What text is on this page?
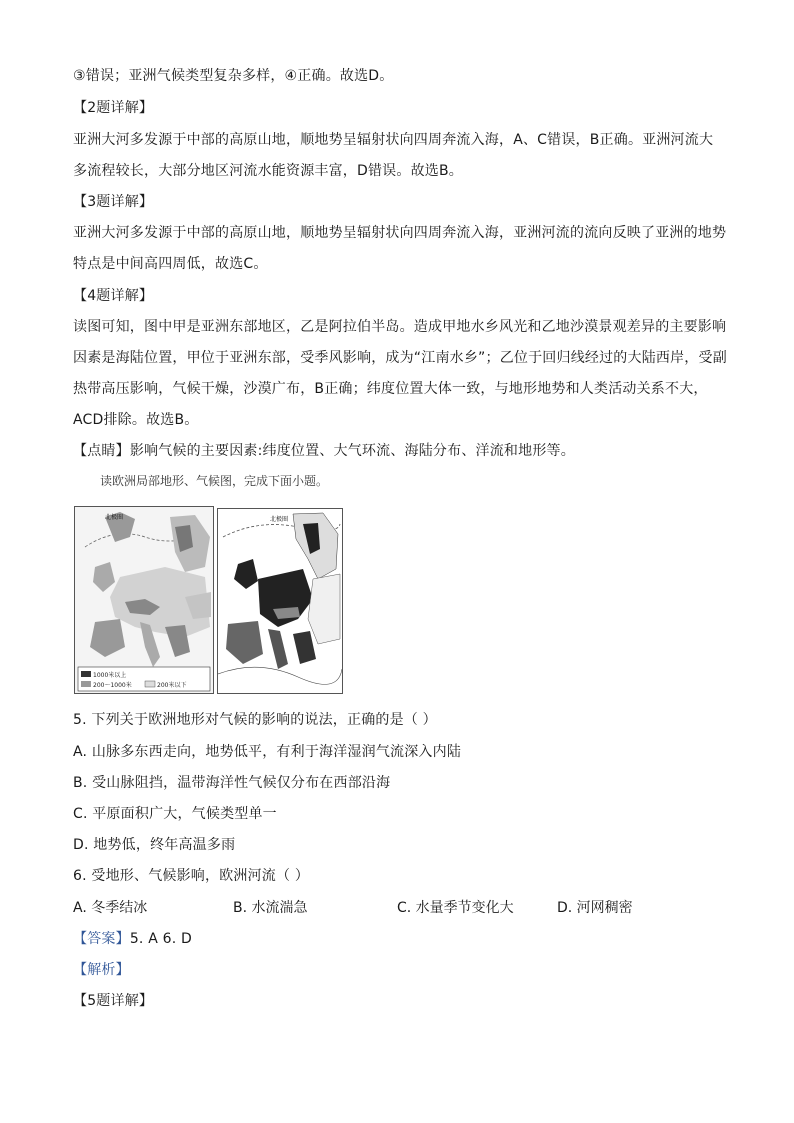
③错误；亚洲气候类型复杂多样，④正确。故选D。
【2题详解】
亚洲大河多发源于中部的高原山地，顺地势呈辐射状向四周奔流入海，A、C错误，B正确。亚洲河流大
多流程较长，大部分地区河流水能资源丰富，D错误。故选B。
【3题详解】
亚洲大河多发源于中部的高原山地，顺地势呈辐射状向四周奔流入海，亚洲河流的流向反映了亚洲的地势
特点是中间高四周低，故选C。
【4题详解】
读图可知，图中甲是亚洲东部地区，乙是阿拉伯半岛。造成甲地水乡风光和乙地沙漠景观差异的主要影响
因素是海陆位置，甲位于亚洲东部，受季风影响，成为“江南水乡”；乙位于回归线经过的大陆西岸，受副
热带高压影响，气候干燥，沙漠广布，B正确；纬度位置大体一致，与地形地势和人类活动关系不大，
ACD排除。故选B。
【点睛】影响气候的主要因素:纬度位置、大气环流、海陆分布、洋流和地形等。
读欧洲局部地形、气候图，完成下面小题。
1000米以上
200～1000米	200米以下
北极圈	北极圈
5. 下列关于欧洲地形对气候的影响的说法，正确的是（ ）
A. 山脉多东西走向，地势低平，有利于海洋湿润气流深入内陆
B. 受山脉阻挡，温带海洋性气候仅分布在西部沿海
C. 平原面积广大，气候类型单一
D. 地势低，终年高温多雨
6. 受地形、气候影响，欧洲河流（ ）
A. 冬季结冰	B. 水流湍急	C. 水量季节变化大	D. 河网稠密
【答案】5. A 6. D
【解析】
【5题详解】
